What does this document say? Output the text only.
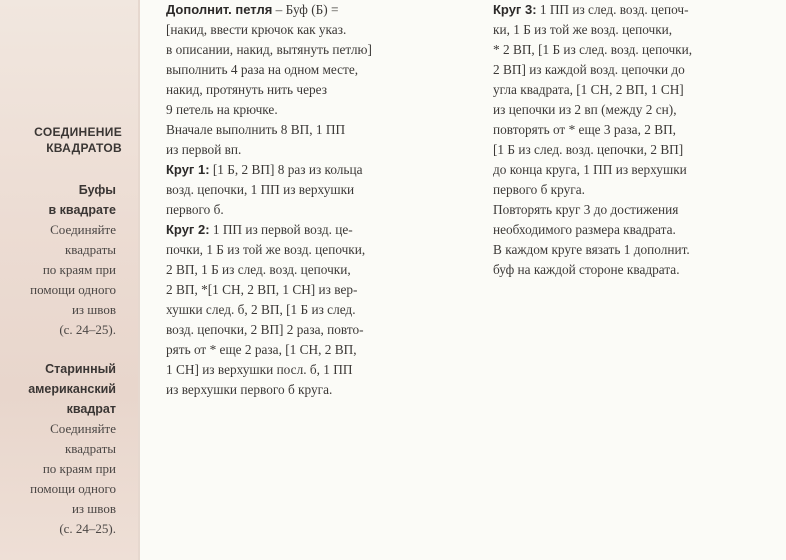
СОЕДИНЕНИЕ
КВАДРАТОВ
Буфы
в квадрате
Соединяйте
квадраты
по краям при
помощи одного
из швов
(с. 24–25).
Старинный
американский
квадрат
Соединяйте
квадраты
по краям при
помощи одного
из швов
(с. 24–25).
Дополнит. петля – Буф (Б) =
[накид, ввести крючок как указ.
в описании, накид, вытянуть петлю]
выполнить 4 раза на одном месте,
накид, протянуть нить через
9 петель на крючке.
Вначале выполнить 8 ВП, 1 ПП
из первой вп.
Круг 1: [1 Б, 2 ВП] 8 раз из кольца
возд. цепочки, 1 ПП из верхушки
первого б.
Круг 2: 1 ПП из первой возд. це-
почки, 1 Б из той же возд. цепочки,
2 ВП, 1 Б из след. возд. цепочки,
2 ВП, *[1 СН, 2 ВП, 1 СН] из вер-
хушки след. б, 2 ВП, [1 Б из след.
возд. цепочки, 2 ВП] 2 раза, повто-
рять от * еще 2 раза, [1 СН, 2 ВП,
1 СН] из верхушки посл. б, 1 ПП
из верхушки первого б круга.
Круг 3: 1 ПП из след. возд. цепоч-
ки, 1 Б из той же возд. цепочки,
* 2 ВП, [1 Б из след. возд. цепочки,
2 ВП] из каждой возд. цепочки до
угла квадрата, [1 СН, 2 ВП, 1 СН]
из цепочки из 2 вп (между 2 сн),
повторять от * еще 3 раза, 2 ВП,
[1 Б из след. возд. цепочки, 2 ВП]
до конца круга, 1 ПП из верхушки
первого б круга.
Повторять круг 3 до достижения
необходимого размера квадрата.
В каждом круге вязать 1 дополнит.
буф на каждой стороне квадрата.
